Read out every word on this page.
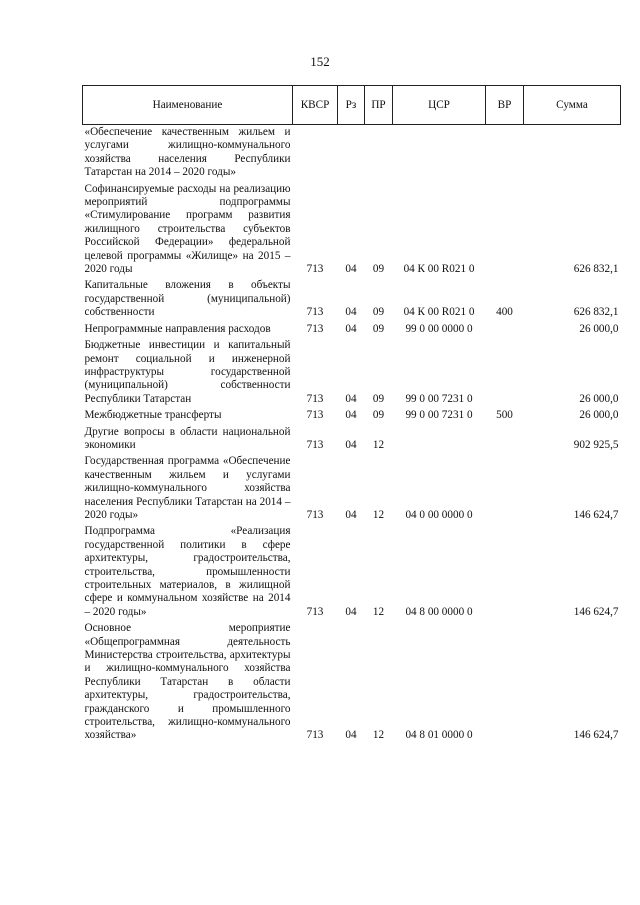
152
Наименование	КВСР	Рз	ПР	ЦСР	ВР	Сумма
«Обеспечение качественным жильем и услугами жилищно-коммунального хозяйства населения Республики Татарстан на 2014 – 2020 годы»						
Софинансируемые расходы на реализацию мероприятий подпрограммы «Стимулирование программ развития жилищного строительства субъектов Российской Федерации» федеральной целевой программы «Жилище» на 2015 – 2020 годы	713	04	09	04 К 00 R021 0		626 832,1
Капитальные вложения в объекты государственной (муниципальной) собственности	713	04	09	04 К 00 R021 0	400	626 832,1
Непрограммные направления расходов	713	04	09	99 0 00 0000 0		26 000,0
Бюджетные инвестиции и капитальный ремонт социальной и инженерной инфраструктуры государственной (муниципальной) собственности Республики Татарстан	713	04	09	99 0 00 7231 0		26 000,0
Межбюджетные трансферты	713	04	09	99 0 00 7231 0	500	26 000,0
Другие вопросы в области национальной экономики	713	04	12			902 925,5
Государственная программа «Обеспечение качественным жильем и услугами жилищно-коммунального хозяйства населения Республики Татарстан на 2014 – 2020 годы»	713	04	12	04 0 00 0000 0		146 624,7
Подпрограмма «Реализация государственной политики в сфере архитектуры, градостроительства, строительства, промышленности строительных материалов, в жилищной сфере и коммунальном хозяйстве на 2014 – 2020 годы»	713	04	12	04 8 00 0000 0		146 624,7
Основное мероприятие «Общепрограммная деятельность Министерства строительства, архитектуры и жилищно-коммунального хозяйства Республики Татарстан в области архитектуры, градостроительства, гражданского и промышленного строительства, жилищно-коммунального хозяйства»	713	04	12	04 8 01 0000 0		146 624,7
